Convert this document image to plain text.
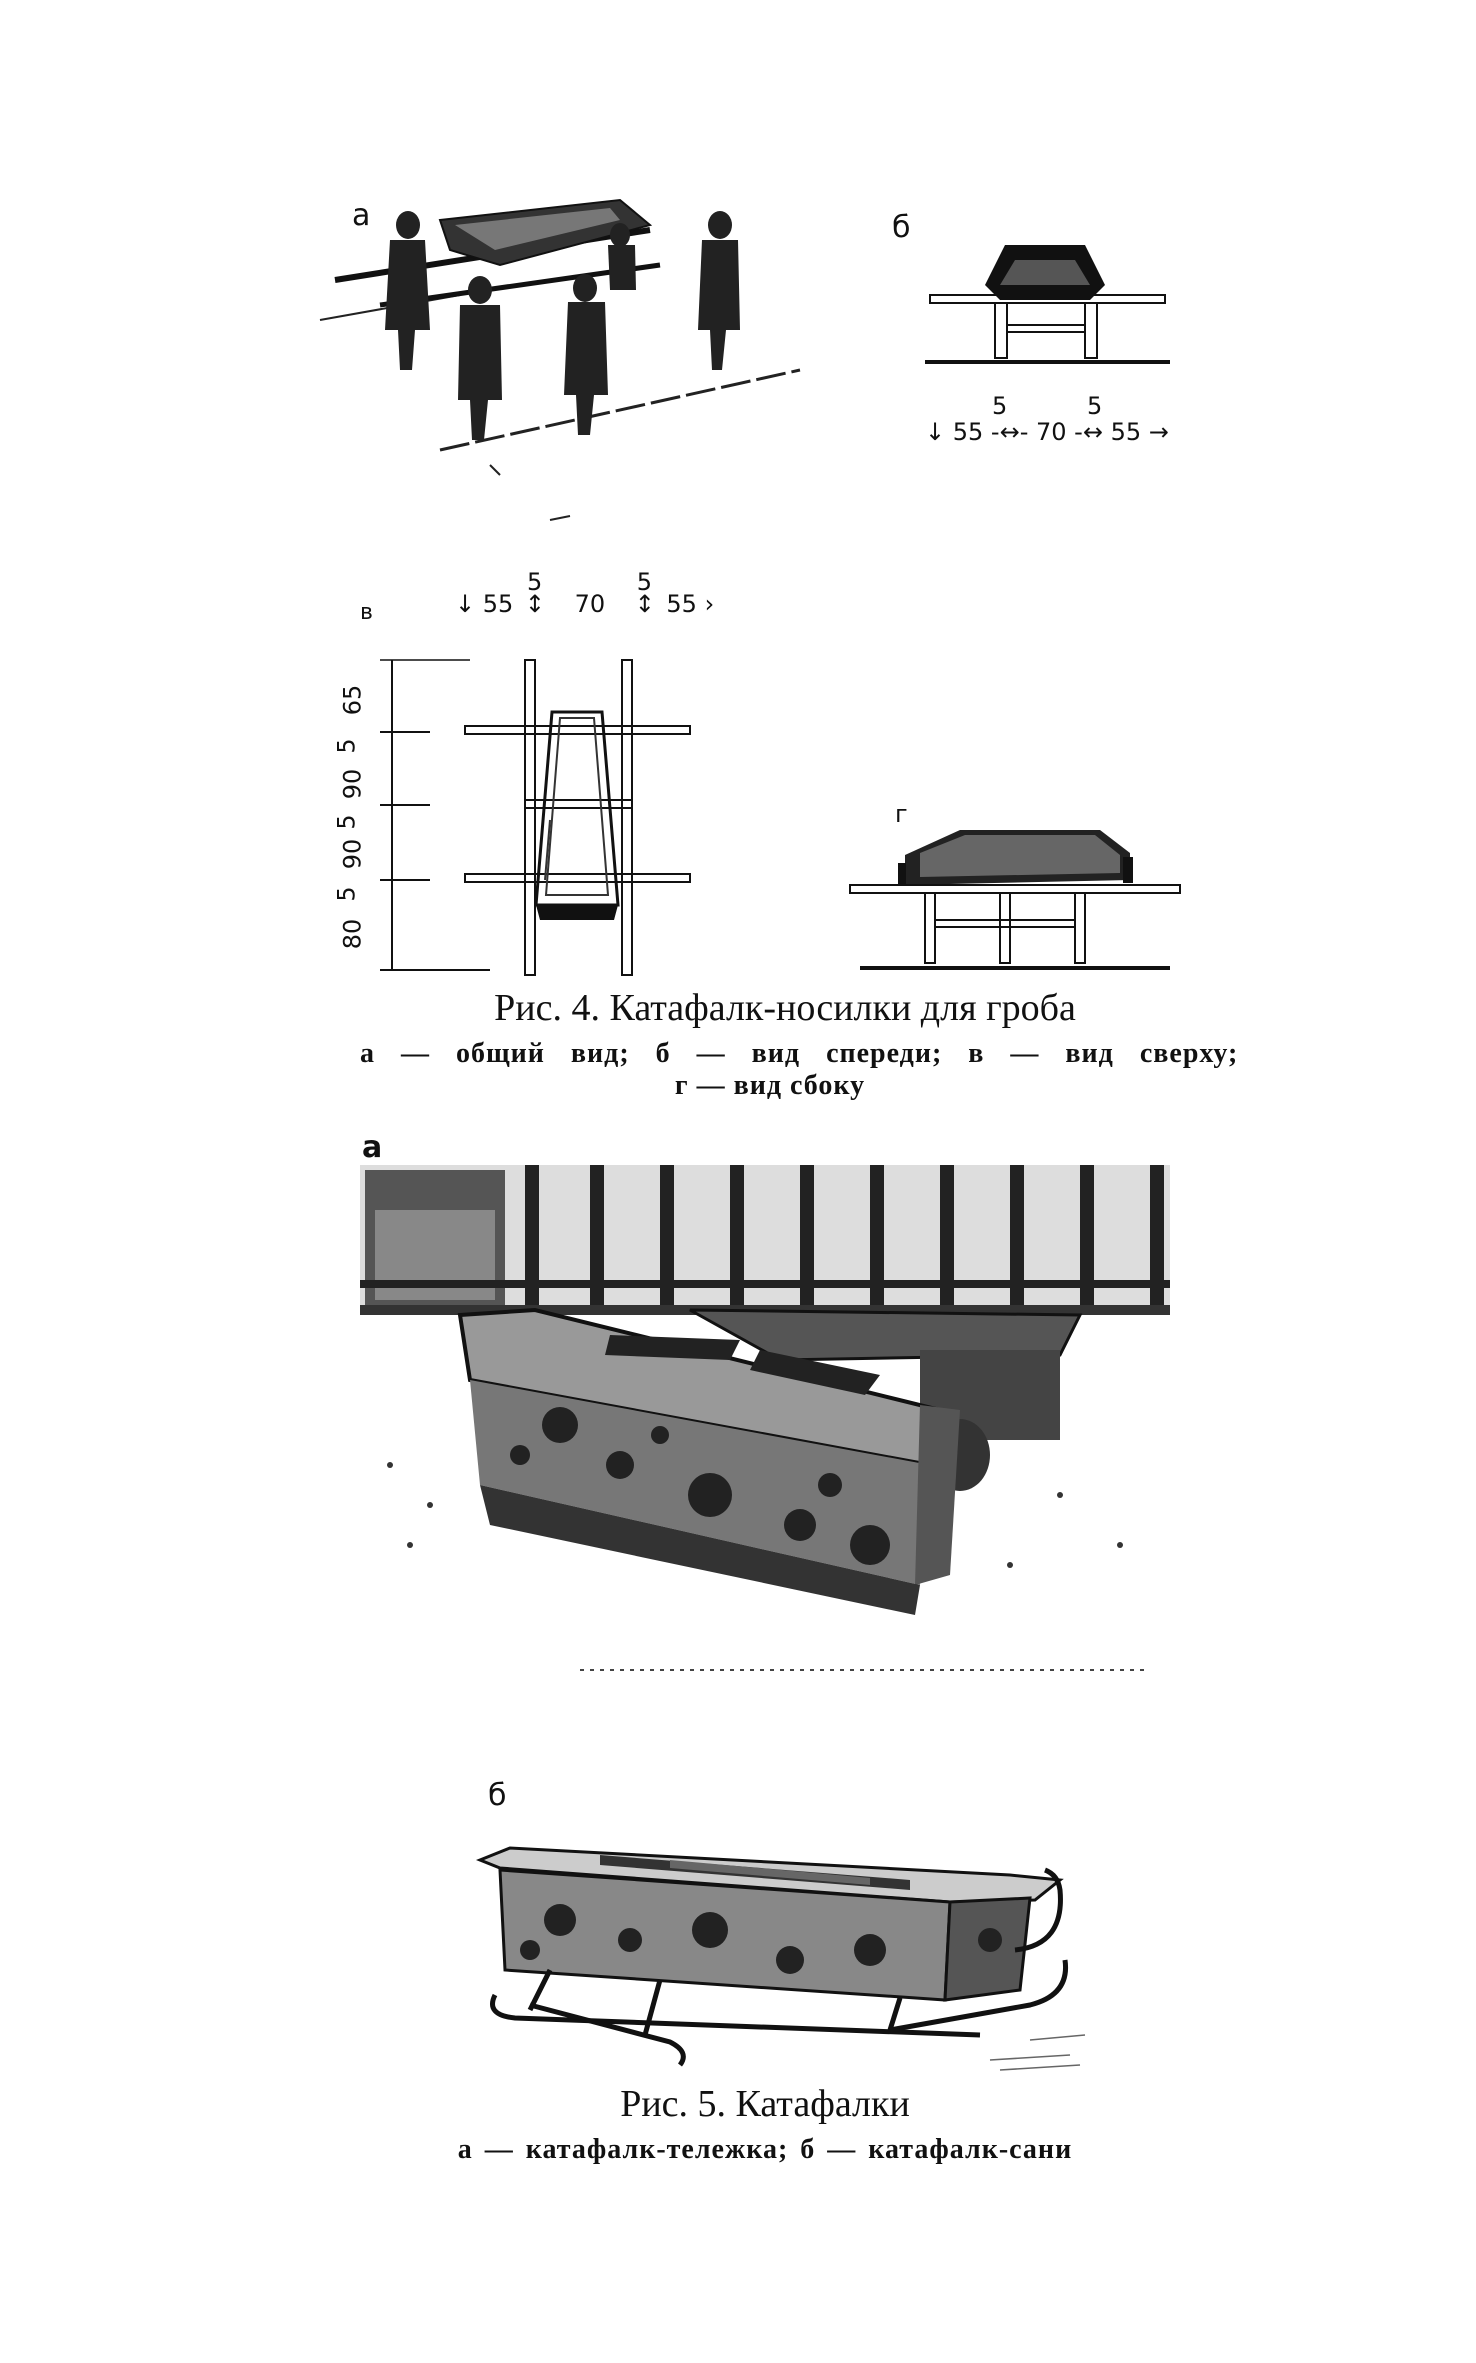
а	б
5	5
↓ 55 -↔- 70 -↔ 55 →
в	↓ 55
5
↕ 70
5
↕ 55 ›
65
5
90
5
90
5
80
г
Рис. 4. Катафалк-носилки для гроба
а — общий вид; б — вид спереди; в — вид сверху;
г — вид сбоку
а
б
Рис. 5. Катафалки
а — катафалк-тележка; б — катафалк-сани
